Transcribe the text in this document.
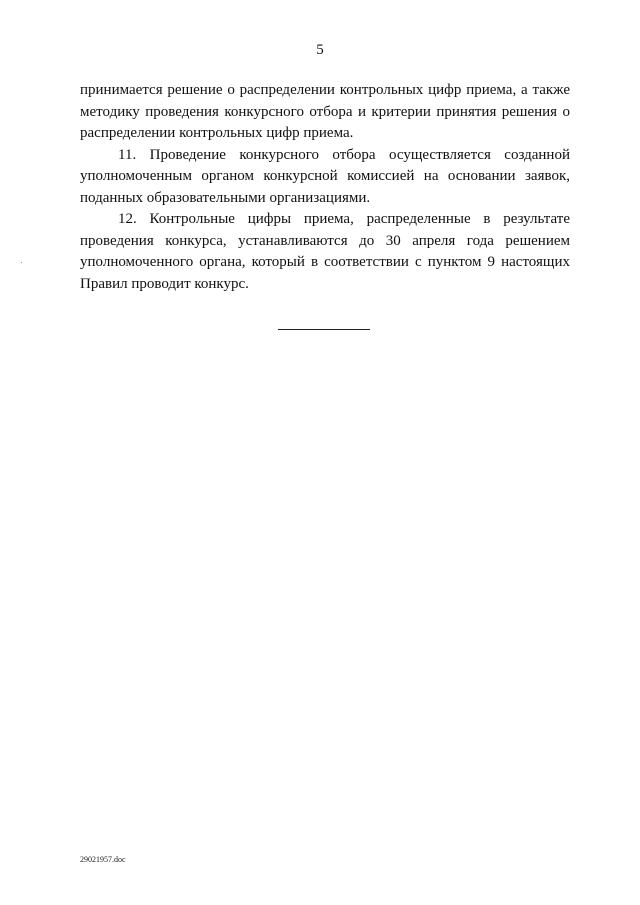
5

принимается решение о распределении контрольных цифр приема, а также методику проведения конкурсного отбора и критерии принятия решения о распределении контрольных цифр приема.

11. Проведение конкурсного отбора осуществляется созданной уполномоченным органом конкурсной комиссией на основании заявок, поданных образовательными организациями.

12. Контрольные цифры приема, распределенные в результате проведения конкурса, устанавливаются до 30 апреля года решением уполномоченного органа, который в соответствии с пунктом 9 настоящих Правил проводит конкурс.

29021957.doc
